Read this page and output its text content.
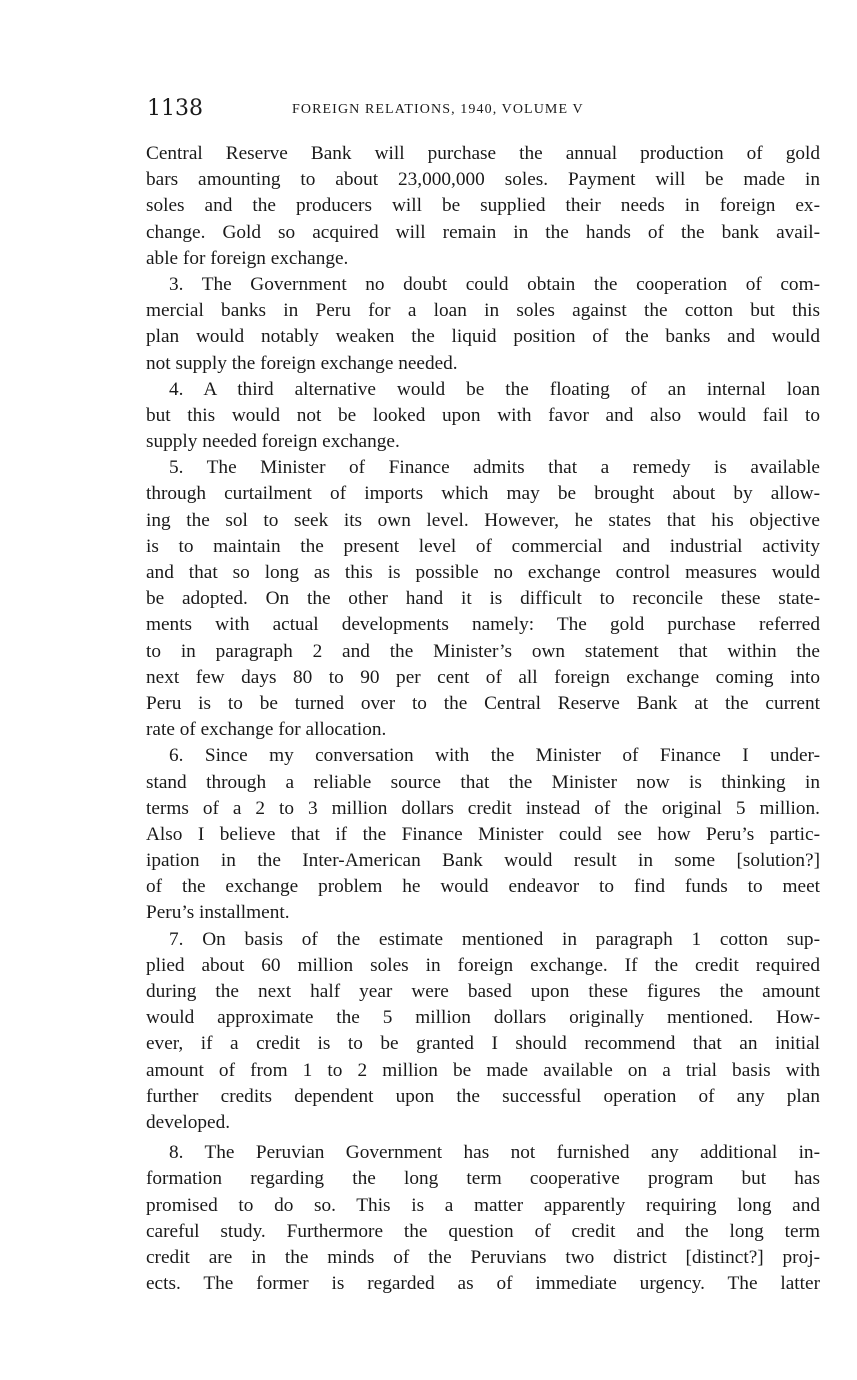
1138	FOREIGN RELATIONS, 1940, VOLUME V
Central Reserve Bank will purchase the annual production of gold
bars amounting to about 23,000,000 soles. Payment will be made in
soles and the producers will be supplied their needs in foreign ex-
change. Gold so acquired will remain in the hands of the bank avail-
able for foreign exchange.
3. The Government no doubt could obtain the cooperation of com-
mercial banks in Peru for a loan in soles against the cotton but this
plan would notably weaken the liquid position of the banks and would
not supply the foreign exchange needed.
4. A third alternative would be the floating of an internal loan
but this would not be looked upon with favor and also would fail to
supply needed foreign exchange.
5. The Minister of Finance admits that a remedy is available
through curtailment of imports which may be brought about by allow-
ing the sol to seek its own level. However, he states that his objective
is to maintain the present level of commercial and industrial activity
and that so long as this is possible no exchange control measures would
be adopted. On the other hand it is difficult to reconcile these state-
ments with actual developments namely: The gold purchase referred
to in paragraph 2 and the Minister’s own statement that within the
next few days 80 to 90 per cent of all foreign exchange coming into
Peru is to be turned over to the Central Reserve Bank at the current
rate of exchange for allocation.
6. Since my conversation with the Minister of Finance I under-
stand through a reliable source that the Minister now is thinking in
terms of a 2 to 3 million dollars credit instead of the original 5 million.
Also I believe that if the Finance Minister could see how Peru’s partic-
ipation in the Inter-American Bank would result in some [solution?]
of the exchange problem he would endeavor to find funds to meet
Peru’s installment.
7. On basis of the estimate mentioned in paragraph 1 cotton sup-
plied about 60 million soles in foreign exchange. If the credit required
during the next half year were based upon these figures the amount
would approximate the 5 million dollars originally mentioned. How-
ever, if a credit is to be granted I should recommend that an initial
amount of from 1 to 2 million be made available on a trial basis with
further credits dependent upon the successful operation of any plan
developed.
8. The Peruvian Government has not furnished any additional in-
formation regarding the long term cooperative program but has
promised to do so. This is a matter apparently requiring long and
careful study. Furthermore the question of credit and the long term
credit are in the minds of the Peruvians two district [distinct?] proj-
ects. The former is regarded as of immediate urgency. The latter
